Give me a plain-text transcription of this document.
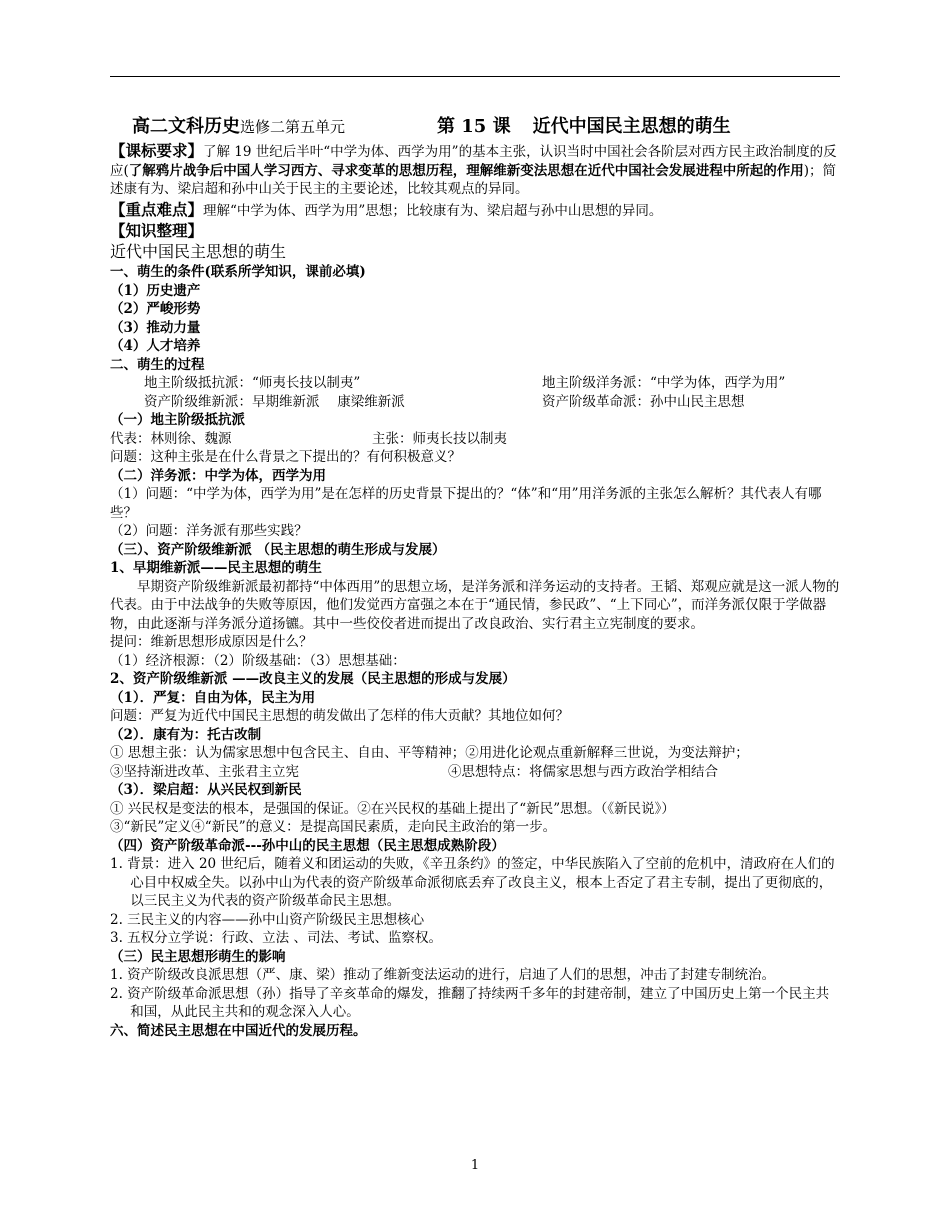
高二文科历史选修二第五单元	第 15 课 近代中国民主思想的萌生

【课标要求】了解 19 世纪后半叶“中学为体、西学为用”的基本主张，认识当时中国社会各阶层对西方民主政治制度的反应(了解鸦片战争后中国人学习西方、寻求变革的思想历程，理解维新变法思想在近代中国社会发展进程中所起的作用)；简述康有为、梁启超和孙中山关于民主的主要论述，比较其观点的异同。

【重点难点】理解“中学为体、西学为用”思想；比较康有为、梁启超与孙中山思想的异同。

【知识整理】

近代中国民主思想的萌生

一、萌生的条件(联系所学知识，课前必填)

（1）历史遗产

（2）严峻形势

（3）推动力量

（4）人才培养

二、萌生的过程

地主阶级抵抗派：“师夷长技以制夷”	地主阶级洋务派：“中学为体，西学为用”
资产阶级维新派：早期维新派　 康梁维新派	资产阶级革命派：孙中山民主思想

（一）地主阶级抵抗派

代表：林则徐、魏源	主张：师夷长技以制夷

问题：这种主张是在什么背景之下提出的？有何积极意义？

（二）洋务派：中学为体，西学为用

（1）问题：“中学为体，西学为用”是在怎样的历史背景下提出的？“体”和“用”用洋务派的主张怎么解析？其代表人有哪些？

（2）问题：洋务派有那些实践？

（三）、资产阶级维新派 （民主思想的萌生形成与发展）

1、早期维新派——民主思想的萌生

早期资产阶级维新派最初都持“中体西用”的思想立场，是洋务派和洋务运动的支持者。王韬、郑观应就是这一派人物的代表。由于中法战争的失败等原因，他们发觉西方富强之本在于“通民情，参民政”、“上下同心”，而洋务派仅限于学做器物，由此逐渐与洋务派分道扬镳。其中一些佼佼者进而提出了改良政治、实行君主立宪制度的要求。

提问：维新思想形成原因是什么？

（1）经济根源：（2）阶级基础：（3）思想基础：

2、资产阶级维新派 ——改良主义的发展（民主思想的形成与发展）

（1）．严复：自由为体，民主为用

问题：严复为近代中国民主思想的萌发做出了怎样的伟大贡献？其地位如何？

（2）．康有为：托古改制

① 思想主张：认为儒家思想中包含民主、自由、平等精神；②用进化论观点重新解释三世说，为变法辩护；

③坚持渐进改革、主张君主立宪	④思想特点：将儒家思想与西方政治学相结合

（3）．梁启超：从兴民权到新民

① 兴民权是变法的根本，是强国的保证。②在兴民权的基础上提出了“新民”思想。（《新民说》）

③“新民”定义④“新民”的意义：是提高国民素质，走向民主政治的第一步。

（四）资产阶级革命派---孙中山的民主思想（民主思想成熟阶段）

1. 背景：进入 20 世纪后，随着义和团运动的失败，《辛丑条约》的签定，中华民族陷入了空前的危机中，清政府在人们的心目中权威全失。以孙中山为代表的资产阶级革命派彻底丢弃了改良主义，根本上否定了君主专制，提出了更彻底的，以三民主义为代表的资产阶级革命民主思想。

2. 三民主义的内容——孙中山资产阶级民主思想核心

3. 五权分立学说：行政、立法 、司法、考试、监察权。

（三）民主思想形萌生的影响

1. 资产阶级改良派思想（严、康、梁）推动了维新变法运动的进行，启迪了人们的思想，冲击了封建专制统治。

2. 资产阶级革命派思想（孙）指导了辛亥革命的爆发，推翻了持续两千多年的封建帝制，建立了中国历史上第一个民主共和国，从此民主共和的观念深入人心。

六、简述民主思想在中国近代的发展历程。

1
